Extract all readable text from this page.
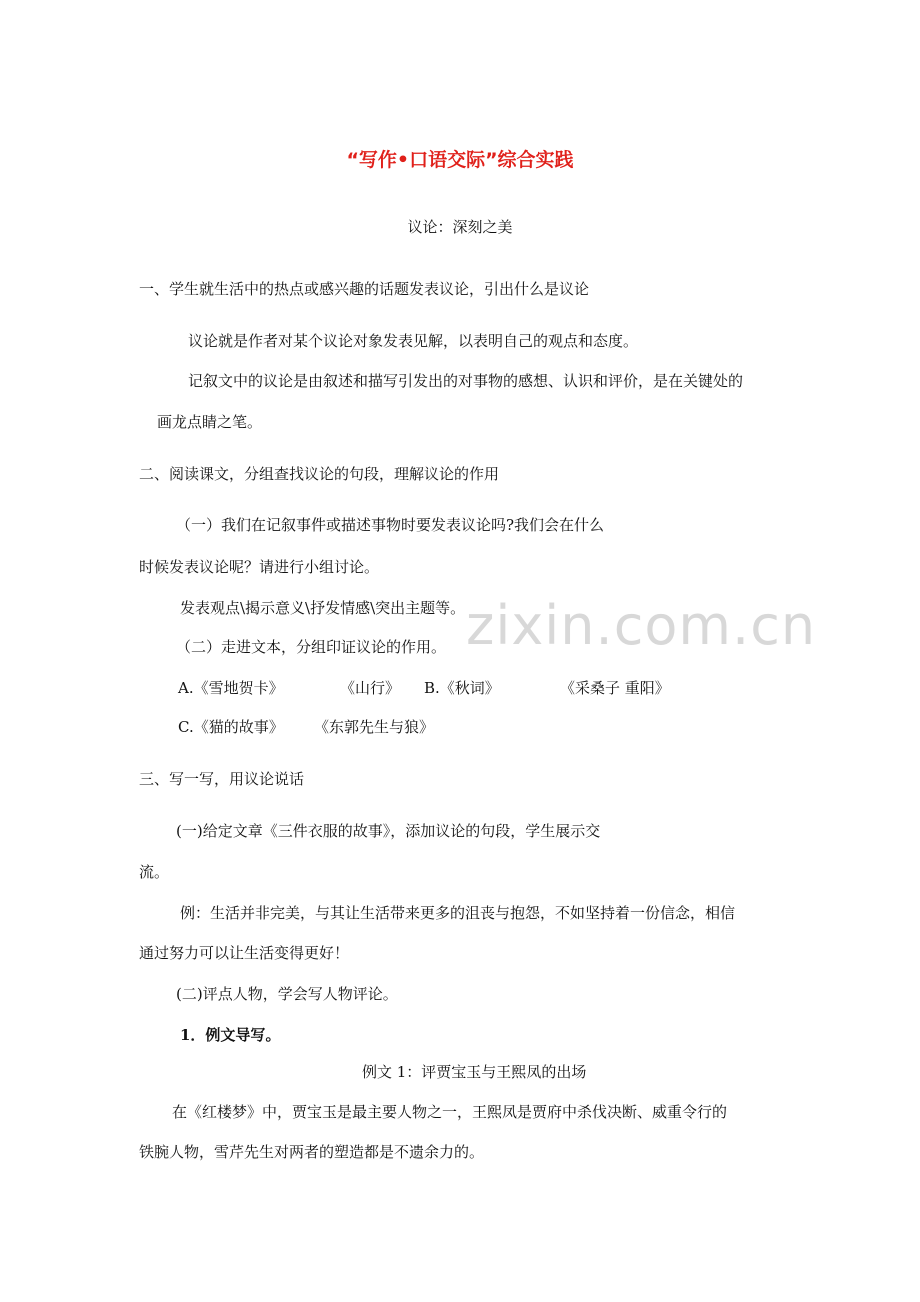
“写作•口语交际”综合实践
议论：深刻之美
一、学生就生活中的热点或感兴趣的话题发表议论，引出什么是议论
议论就是作者对某个议论对象发表见解，以表明自己的观点和态度。
记叙文中的议论是由叙述和描写引发出的对事物的感想、认识和评价，是在关键处的
画龙点睛之笔。
二、阅读课文，分组查找议论的句段，理解议论的作用
（一）我们在记叙事件或描述事物时要发表议论吗?我们会在什么
时候发表议论呢？请进行小组讨论。
发表观点\揭示意义\抒发情感\突出主题等。
（二）走进文本，分组印证议论的作用。
A.《雪地贺卡》	《山行》 B.《秋词》	《采桑子 重阳》
C.《猫的故事》 《东郭先生与狼》
三、写一写，用议论说话
(一)给定文章《三件衣服的故事》，添加议论的句段，学生展示交
流。
例：生活并非完美，与其让生活带来更多的沮丧与抱怨，不如坚持着一份信念，相信
通过努力可以让生活变得更好！
(二)评点人物，学会写人物评论。
1．例文导写。
例文 1：评贾宝玉与王熙凤的出场
在《红楼梦》中，贾宝玉是最主要人物之一，王熙凤是贾府中杀伐决断、威重令行的
铁腕人物，雪芹先生对两者的塑造都是不遗余力的。
zixin.com.cn
